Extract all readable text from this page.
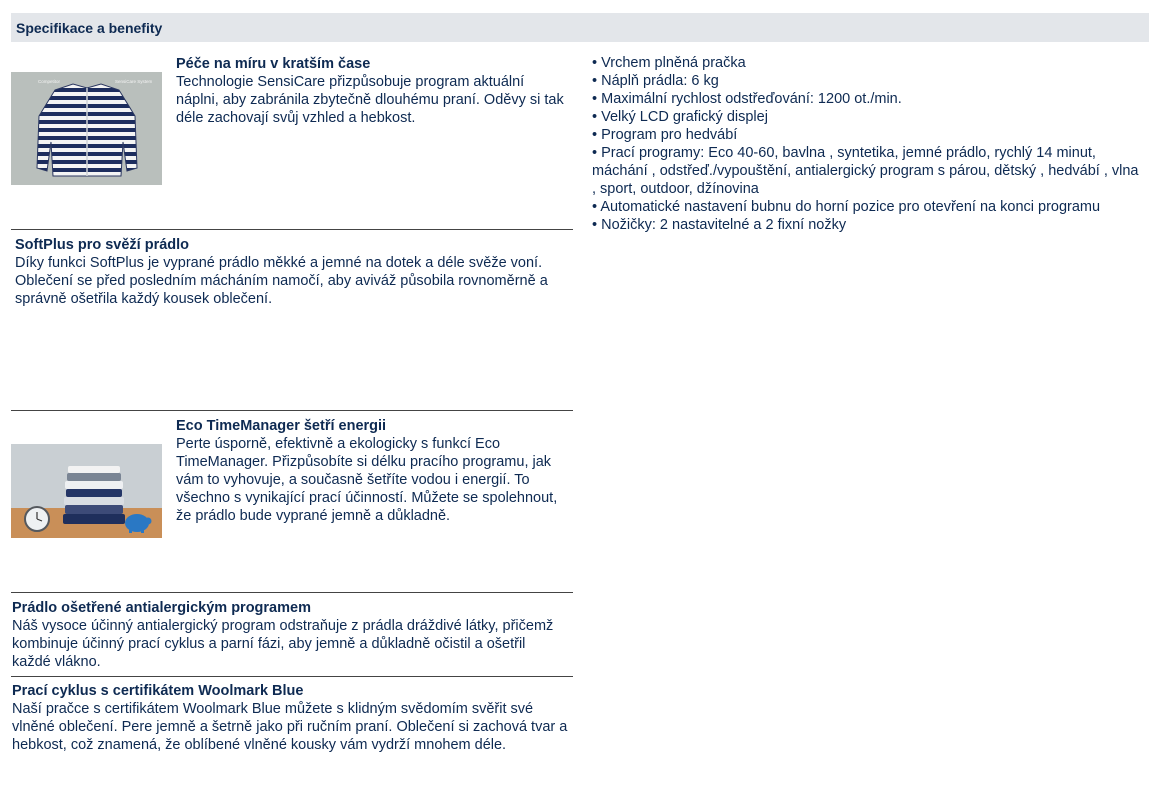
Specifikace a benefity
Competitor	SensiCare System
Péče na míru v kratším čase
Technologie SensiCare přizpůsobuje program aktuální náplni, aby zabránila zbytečně dlouhému praní. Oděvy si tak déle zachovají svůj vzhled a hebkost.
SoftPlus pro svěží prádlo
Díky funkci SoftPlus je vyprané prádlo měkké a jemné na dotek a déle svěže voní. Oblečení se před posledním mácháním namočí, aby aviváž působila rovnoměrně a správně ošetřila každý kousek oblečení.
Eco TimeManager šetří energii
Perte úsporně, efektivně a ekologicky s funkcí Eco TimeManager. Přizpůsobíte si délku pracího programu, jak vám to vyhovuje, a současně šetříte vodou i energií. To všechno s vynikající prací účinností. Můžete se spolehnout, že prádlo bude vyprané jemně a důkladně.
Prádlo ošetřené antialergickým programem
Náš vysoce účinný antialergický program odstraňuje z prádla dráždivé látky, přičemž kombinuje účinný prací cyklus a parní fázi, aby jemně a důkladně očistil a ošetřil každé vlákno.
Prací cyklus s certifikátem Woolmark Blue
Naší pračce s certifikátem Woolmark Blue můžete s klidným svědomím svěřit své vlněné oblečení. Pere jemně a šetrně jako při ručním praní. Oblečení si zachová tvar a hebkost, což znamená, že oblíbené vlněné kousky vám vydrží mnohem déle.
• Vrchem plněná pračka
• Náplň prádla: 6 kg
• Maximální rychlost odstřeďování: 1200 ot./min.
• Velký LCD grafický displej
• Program pro hedvábí
• Prací programy: Eco 40-60, bavlna , syntetika, jemné prádlo, rychlý 14 minut, máchání , odstřeď./vypouštění, antialergický program s párou, dětský , hedvábí , vlna , sport, outdoor, džínovina
• Automatické nastavení bubnu do horní pozice pro otevření na konci programu
• Nožičky: 2 nastavitelné a 2 fixní nožky
